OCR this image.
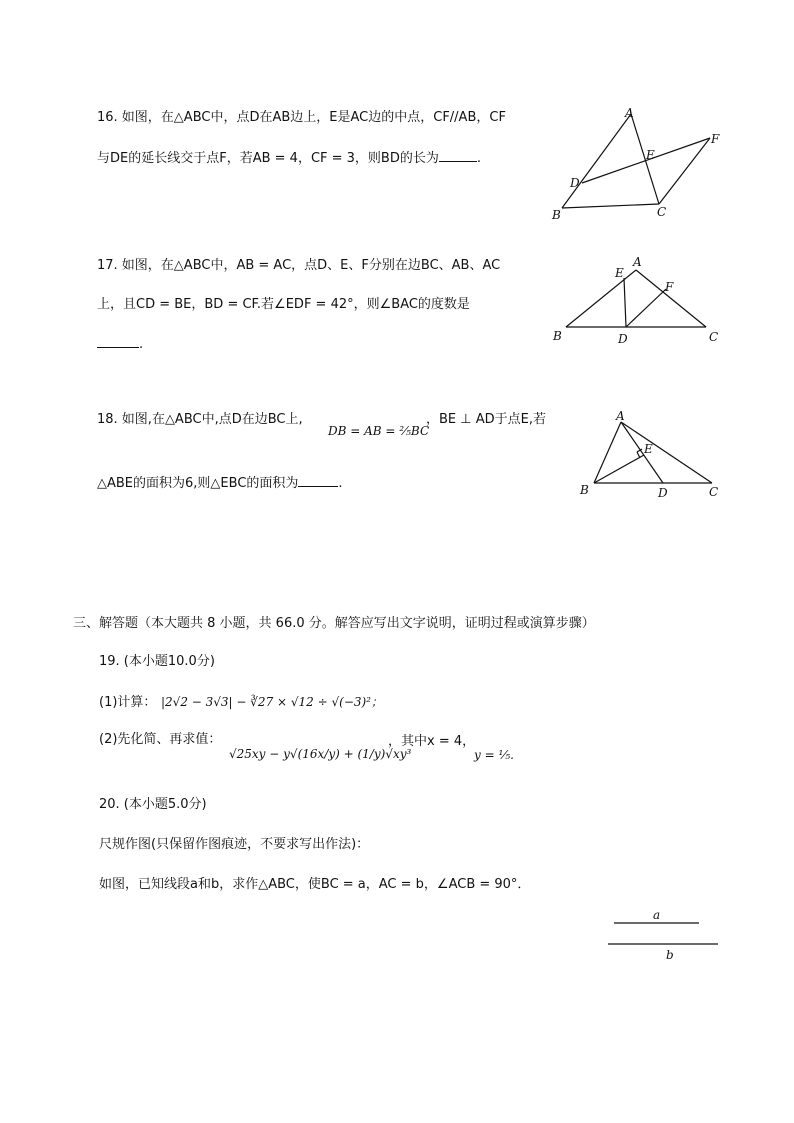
16. 如图，在△ABC中，点D在AB边上，E是AC边的中点，CF//AB，CF
与DE的延长线交于点F，若AB = 4，CF = 3，则BD的长为	.
A
F
E
D
B	C
17. 如图，在△ABC中，AB = AC，点D、E、F分别在边BC、AB、AC
上，且CD = BE，BD = CF.若∠EDF = 42°，则∠BAC的度数是
.
A
E
F
B	D	C
18. 如图,在△ABC中,点D在边BC上,
DB = AB = ⅖BC
，BE ⊥ AD于点E,若
△ABE的面积为6,则△EBC的面积为	.
A
E
B	D	C
三、解答题（本大题共 8 小题，共 66.0 分。解答应写出文字说明，证明过程或演算步骤）
19. (本小题10.0分)
(1)计算： |2√2 − 3√3| − ∛27 × √12 ÷ √(−3)²；
(2)先化简、再求值：
√25xy − y√(16x/y) + (1/y)√xy³
，其中x = 4，
y = ⅕.
20. (本小题5.0分)
尺规作图(只保留作图痕迹，不要求写出作法)：
如图，已知线段a和b，求作△ABC，使BC = a，AC = b，∠ACB = 90°．
a
b
